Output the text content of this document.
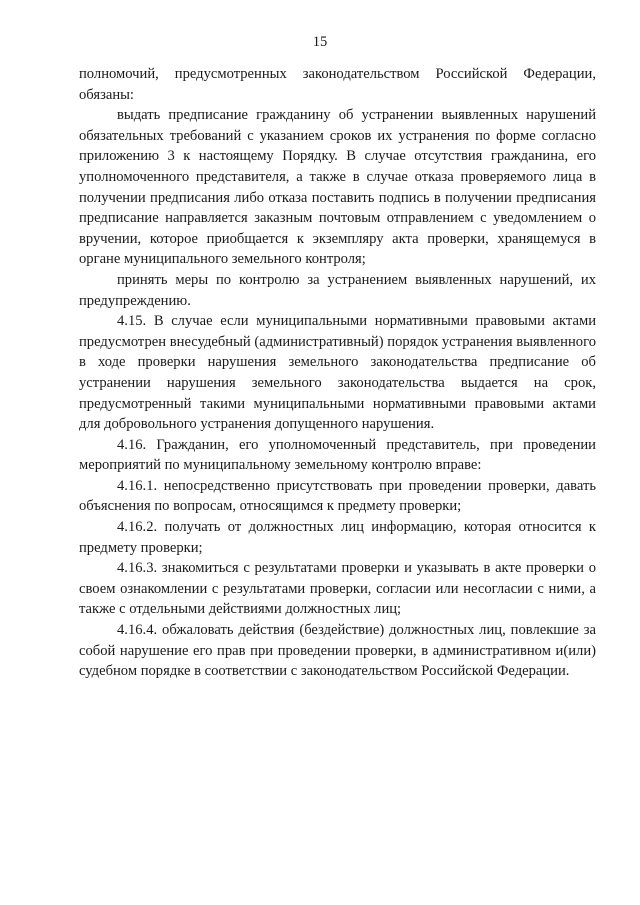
15

полномочий, предусмотренных законодательством Российской Федерации, обязаны:

выдать предписание гражданину об устранении выявленных нарушений обязательных требований с указанием сроков их устранения по форме согласно приложению 3 к настоящему Порядку. В случае отсутствия гражданина, его уполномоченного представителя, а также в случае отказа проверяемого лица в получении предписания либо отказа поставить подпись в получении предписания предписание направляется заказным почтовым отправлением с уведомлением о вручении, которое приобщается к экземпляру акта проверки, хранящемуся в органе муниципального земельного контроля;

принять меры по контролю за устранением выявленных нарушений, их предупреждению.

4.15. В случае если муниципальными нормативными правовыми актами предусмотрен внесудебный (административный) порядок устранения выявленного в ходе проверки нарушения земельного законодательства предписание об устранении нарушения земельного законодательства выдается на срок, предусмотренный такими муниципальными нормативными правовыми актами для добровольного устранения допущенного нарушения.

4.16. Гражданин, его уполномоченный представитель, при проведении мероприятий по муниципальному земельному контролю вправе:

4.16.1. непосредственно присутствовать при проведении проверки, давать объяснения по вопросам, относящимся к предмету проверки;

4.16.2. получать от должностных лиц информацию, которая относится к предмету проверки;

4.16.3. знакомиться с результатами проверки и указывать в акте проверки о своем ознакомлении с результатами проверки, согласии или несогласии с ними, а также с отдельными действиями должностных лиц;

4.16.4. обжаловать действия (бездействие) должностных лиц, повлекшие за собой нарушение его прав при проведении проверки, в административном и(или) судебном порядке в соответствии с законодательством Российской Федерации.
